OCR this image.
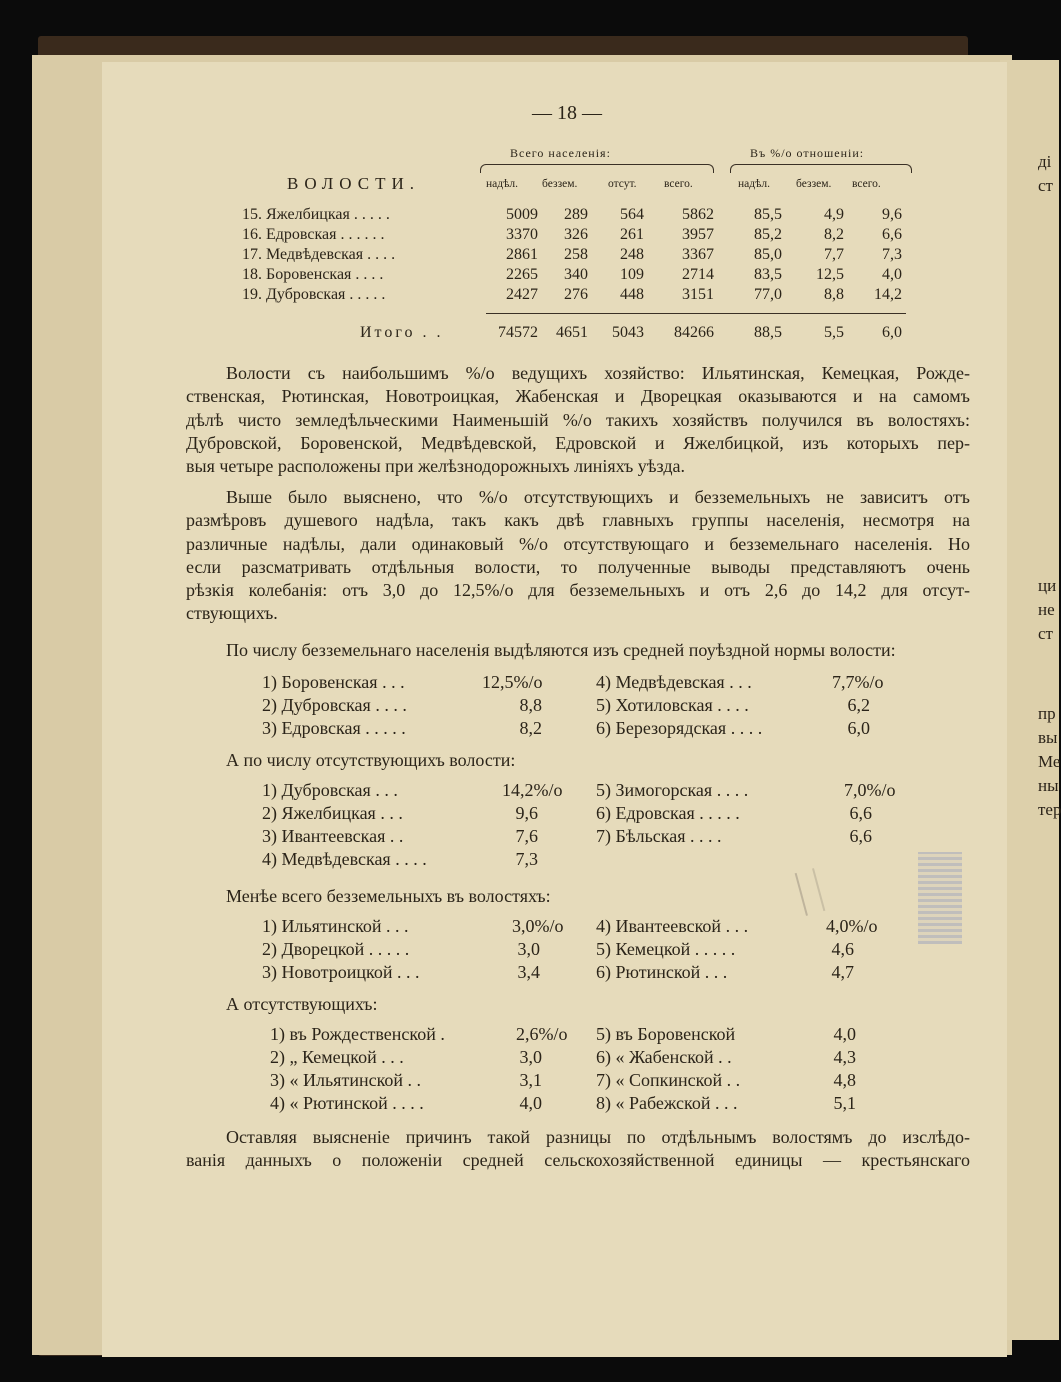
ді
ст
ци
не
ст
пр
вы
Ме
ны
тер
— 18 —
Всего населенія:	Въ %/o отношеніи:
ВОЛОСТИ.	надѣл. беззем.	отсут. всего.	надѣл. беззем. всего.
15. Яжелбицкая . . . . .	5009	289	564	5862	85,5	4,9	9,6
16. Едровская . . . . . .	3370	326	261	3957	85,2	8,2	6,6
17. Медвѣдевская . . . .	2861	258	248	3367	85,0	7,7	7,3
18. Боровенская . . . .	2265	340	109	2714	83,5	12,5	4,0
19. Дубровская . . . . .	2427	276	448	3151	77,0	8,8	14,2
Итого . .	74572	4651	5043	84266	88,5	5,5	6,0
Волости съ наибольшимъ %/o ведущихъ хозяйство: Ильятинская, Кемецкая, Рожде-
ственская, Рютинская, Новотроицкая, Жабенская и Дворецкая оказываются и на самомъ
дѣлѣ чисто земледѣльческими Наименьшій %/o такихъ хозяйствъ получился въ волостяхъ:
Дубровской, Боровенской, Медвѣдевской, Едровской и Яжелбицкой, изъ которыхъ пер-
выя четыре расположены при желѣзнодорожныхъ линіяхъ уѣзда.
Выше было выяснено, что %/o отсутствующихъ и безземельныхъ не зависитъ отъ
размѣровъ душевого надѣла, такъ какъ двѣ главныхъ группы населенія, несмотря на
различные надѣлы, дали одинаковый %/o отсутствующаго и безземельнаго населенія. Но
если разсматривать отдѣльныя волости, то полученные выводы представляютъ очень
рѣзкія колебанія: отъ 3,0 до 12,5%/o для безземельныхъ и отъ 2,6 до 14,2 для отсут-
ствующихъ.
По числу безземельнаго населенія выдѣляются изъ средней поуѣздной нормы волости:
1) Боровенская . . .	12,5%/o
2) Дубровская . . . .	8,8
3) Едровская . . . . .	8,2
4) Медвѣдевская . . .	7,7%/o
5) Хотиловская . . . .	6,2
6) Березорядская . . . .	6,0
А по числу отсутствующихъ волости:
1) Дубровская . . .	14,2%/o
2) Яжелбицкая . . .	9,6
3) Ивантеевская . .	7,6
4) Медвѣдевская . . . .	7,3
5) Зимогорская . . . .	7,0%/o
6) Едровская . . . . .	6,6
7) Бѣльская . . . .	6,6
Менѣе всего безземельныхъ въ волостяхъ:
1) Ильятинской . . .	3,0%/o
2) Дворецкой . . . . .	3,0
3) Новотроицкой . . .	3,4
4) Ивантеевской . . .	4,0%/o
5) Кемецкой . . . . .	4,6
6) Рютинской . . .	4,7
А отсутствующихъ:
1) въ Рождественской .	2,6%/o
2) „ Кемецкой . . .	3,0
3) « Ильятинской . .	3,1
4) « Рютинской . . . .	4,0
5) въ Боровенской	4,0
6) « Жабенской . .	4,3
7) « Сопкинской . .	4,8
8) « Рабежской . . .	5,1
Оставляя выясненіе причинъ такой разницы по отдѣльнымъ волостямъ до изслѣдо-
ванія данныхъ о положеніи средней сельскохозяйственной единицы — крестьянскаго
